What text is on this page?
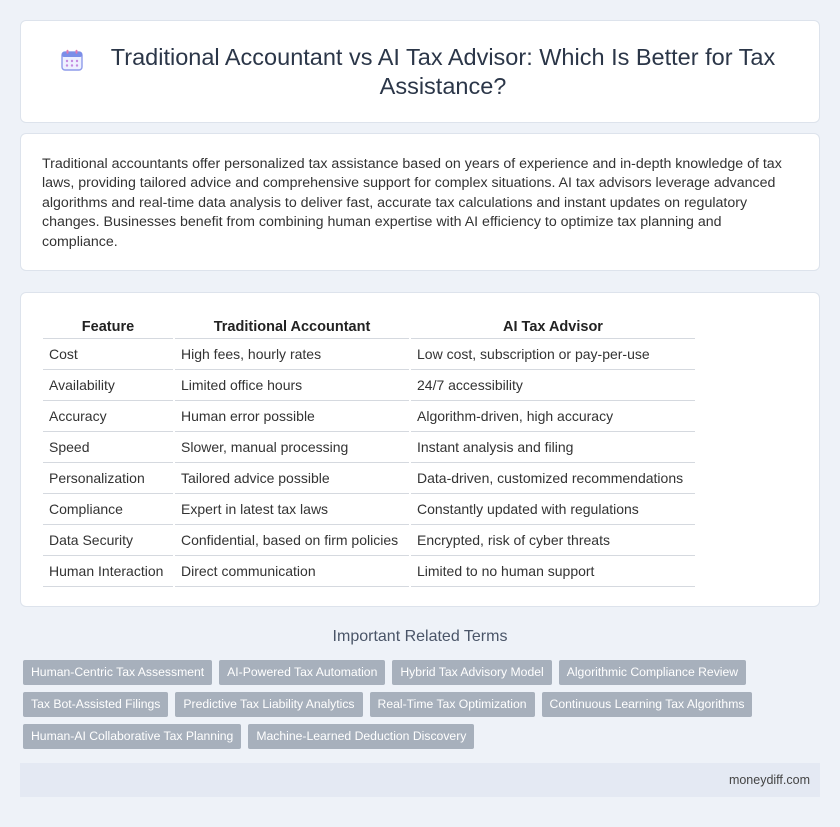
Traditional Accountant vs AI Tax Advisor: Which Is Better for Tax Assistance?

Traditional accountants offer personalized tax assistance based on years of experience and in-depth knowledge of tax laws, providing tailored advice and comprehensive support for complex situations. AI tax advisors leverage advanced algorithms and real-time data analysis to deliver fast, accurate tax calculations and instant updates on regulatory changes. Businesses benefit from combining human expertise with AI efficiency to optimize tax planning and compliance.

Feature	Traditional Accountant	AI Tax Advisor
Cost	High fees, hourly rates	Low cost, subscription or pay-per-use
Availability	Limited office hours	24/7 accessibility
Accuracy	Human error possible	Algorithm-driven, high accuracy
Speed	Slower, manual processing	Instant analysis and filing
Personalization	Tailored advice possible	Data-driven, customized recommendations
Compliance	Expert in latest tax laws	Constantly updated with regulations
Data Security	Confidential, based on firm policies	Encrypted, risk of cyber threats
Human Interaction	Direct communication	Limited to no human support
Important Related Terms
Human-Centric Tax Assessment	AI-Powered Tax Automation	Hybrid Tax Advisory Model	Algorithmic Compliance Review
Tax Bot-Assisted Filings	Predictive Tax Liability Analytics	Real-Time Tax Optimization	Continuous Learning Tax Algorithms
Human-AI Collaborative Tax Planning	Machine-Learned Deduction Discovery
moneydiff.com
